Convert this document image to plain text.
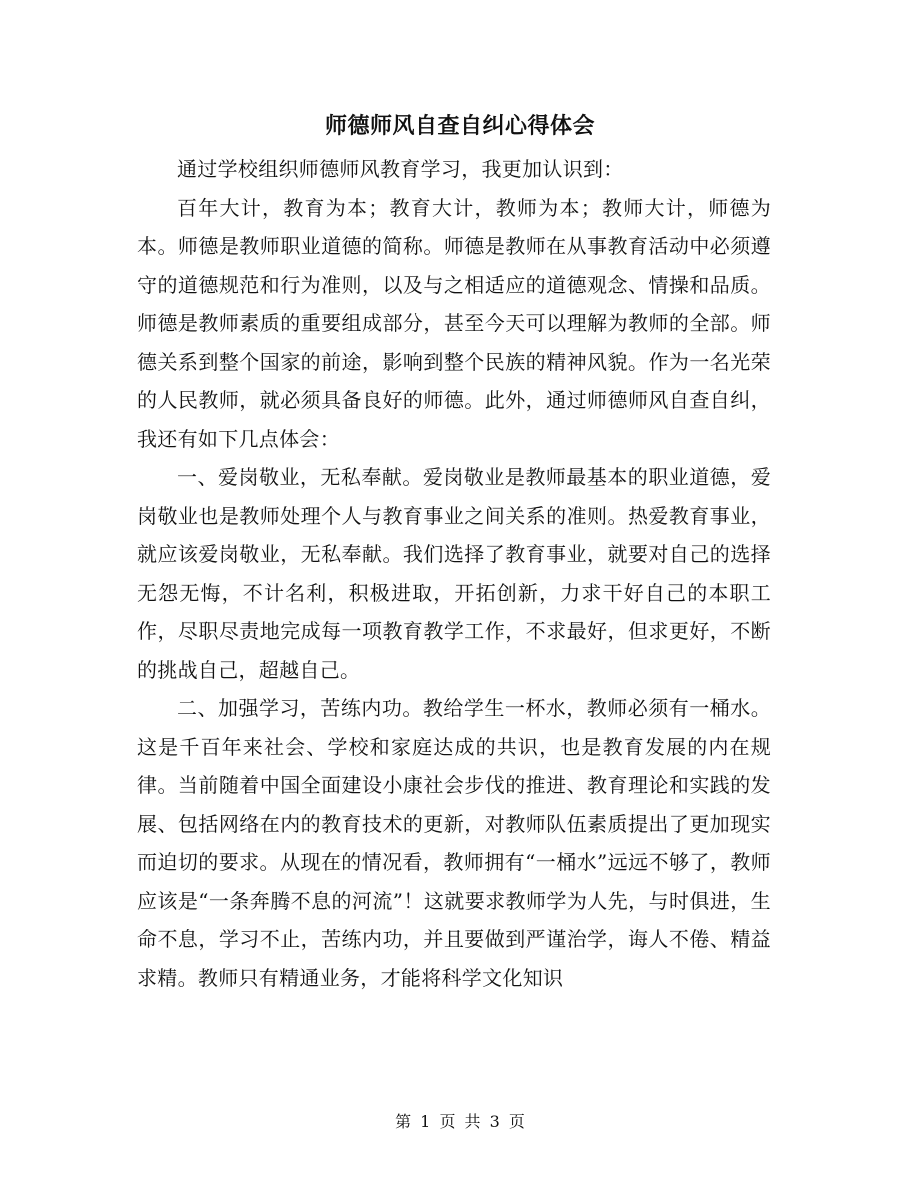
师德师风自查自纠心得体会

通过学校组织师德师风教育学习，我更加认识到：

百年大计，教育为本；教育大计，教师为本；教师大计，师德为本。师德是教师职业道德的简称。师德是教师在从事教育活动中必须遵守的道德规范和行为准则，以及与之相适应的道德观念、情操和品质。师德是教师素质的重要组成部分，甚至今天可以理解为教师的全部。师德关系到整个国家的前途，影响到整个民族的精神风貌。作为一名光荣的人民教师，就必须具备良好的师德。此外，通过师德师风自查自纠，我还有如下几点体会：

一、爱岗敬业，无私奉献。爱岗敬业是教师最基本的职业道德，爱岗敬业也是教师处理个人与教育事业之间关系的准则。热爱教育事业，就应该爱岗敬业，无私奉献。我们选择了教育事业，就要对自己的选择无怨无悔，不计名利，积极进取，开拓创新，力求干好自己的本职工作，尽职尽责地完成每一项教育教学工作，不求最好，但求更好，不断的挑战自己，超越自己。

二、加强学习，苦练内功。教给学生一杯水，教师必须有一桶水。这是千百年来社会、学校和家庭达成的共识，也是教育发展的内在规律。当前随着中国全面建设小康社会步伐的推进、教育理论和实践的发展、包括网络在内的教育技术的更新，对教师队伍素质提出了更加现实而迫切的要求。从现在的情况看，教师拥有“一桶水”远远不够了，教师应该是“一条奔腾不息的河流”！这就要求教师学为人先，与时俱进，生命不息，学习不止，苦练内功，并且要做到严谨治学，诲人不倦、精益求精。教师只有精通业务，才能将科学文化知识

第 1 页 共 3 页
